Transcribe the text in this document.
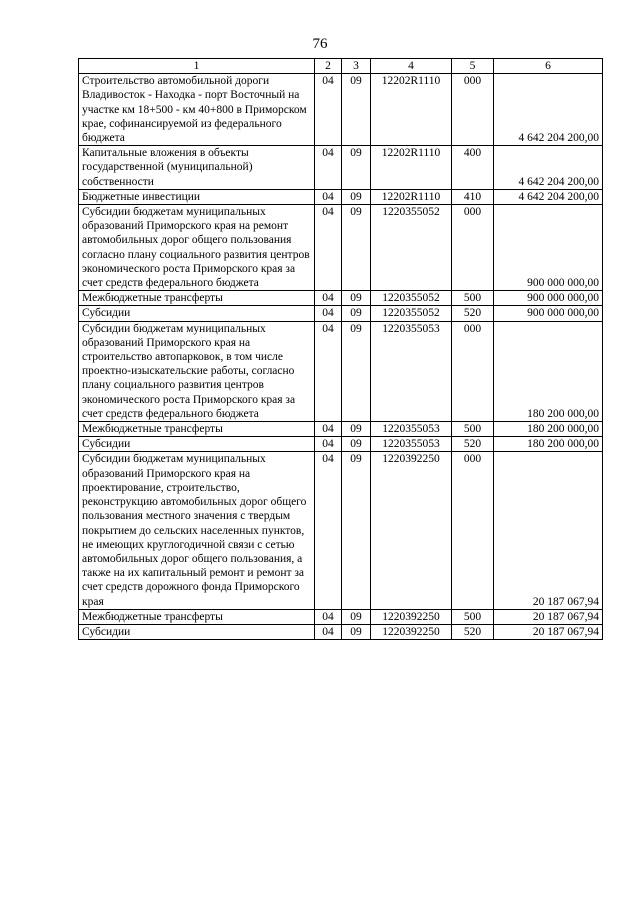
76
1	2	3	4	5	6
Строительство автомобильной дороги Владивосток - Находка - порт Восточный на участке км 18+500 - км 40+800 в Приморском крае, софинансируемой из федерального бюджета	04	09	12202R1110	000	4 642 204 200,00
Капитальные вложения в объекты государственной (муниципальной) собственности	04	09	12202R1110	400	4 642 204 200,00
Бюджетные инвестиции	04	09	12202R1110	410	4 642 204 200,00
Субсидии бюджетам муниципальных образований Приморского края на ремонт автомобильных дорог общего пользования согласно плану социального развития центров экономического роста Приморского края за счет средств федерального бюджета	04	09	1220355052	000	900 000 000,00
Межбюджетные трансферты	04	09	1220355052	500	900 000 000,00
Субсидии	04	09	1220355052	520	900 000 000,00
Субсидии бюджетам муниципальных образований Приморского края на строительство автопарковок, в том числе проектно-изыскательские работы, согласно плану социального развития центров экономического роста Приморского края за счет средств федерального бюджета	04	09	1220355053	000	180 200 000,00
Межбюджетные трансферты	04	09	1220355053	500	180 200 000,00
Субсидии	04	09	1220355053	520	180 200 000,00
Субсидии бюджетам муниципальных образований Приморского края на проектирование, строительство, реконструкцию автомобильных дорог общего пользования местного значения с твердым покрытием до сельских населенных пунктов, не имеющих круглогодичной связи с сетью автомобильных дорог общего пользования, а также на их капитальный ремонт и ремонт за счет средств дорожного фонда Приморского края	04	09	1220392250	000	20 187 067,94
Межбюджетные трансферты	04	09	1220392250	500	20 187 067,94
Субсидии	04	09	1220392250	520	20 187 067,94
